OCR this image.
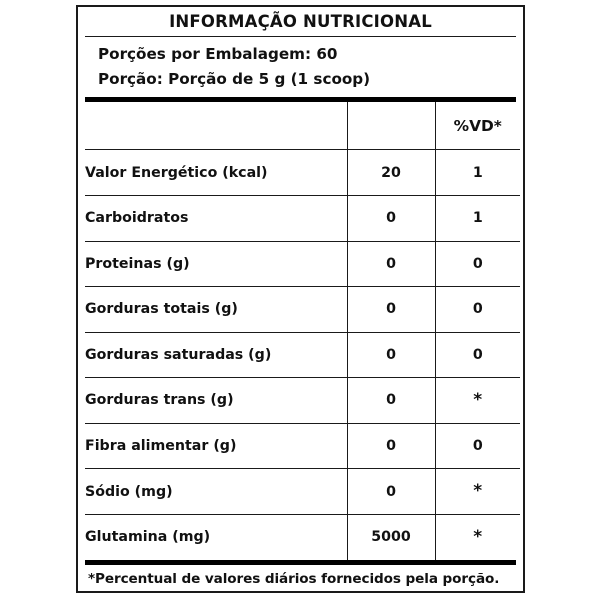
INFORMAÇÃO NUTRICIONAL
Porções por Embalagem: 60
Porção: Porção de 5 g (1 scoop)
		%VD*
Valor Energético (kcal)	20	1
Carboidratos	0	1
Proteinas (g)	0	0
Gorduras totais (g)	0	0
Gorduras saturadas (g)	0	0
Gorduras trans (g)	0	*
Fibra alimentar (g)	0	0
Sódio (mg)	0	*
Glutamina (mg)	5000	*
*Percentual de valores diários fornecidos pela porção.
